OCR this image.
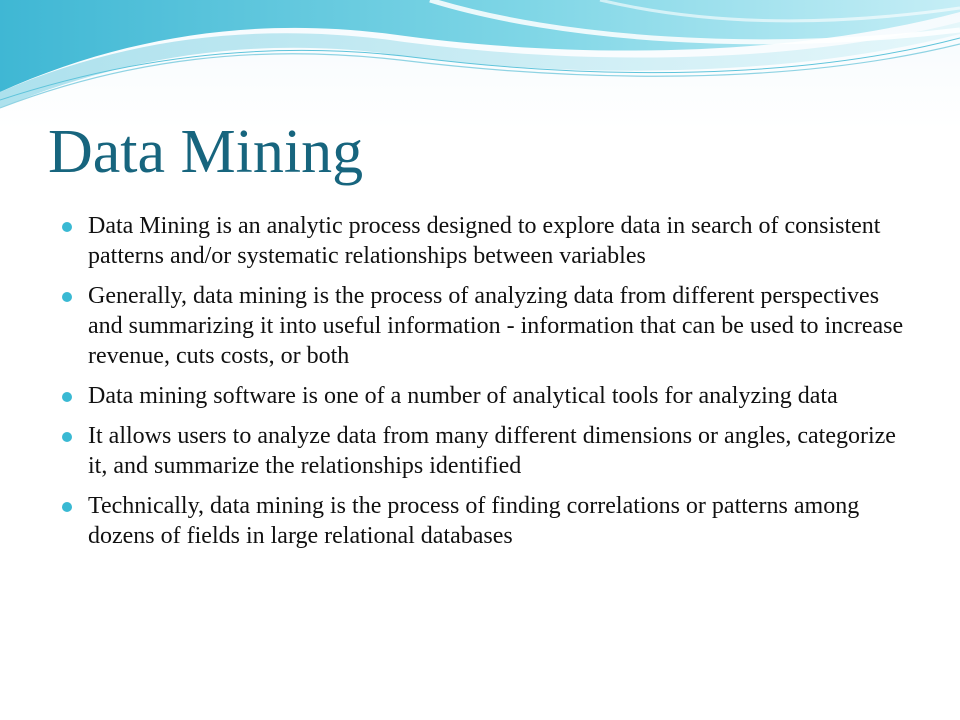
Data Mining
Data Mining is an analytic process designed to explore data in search of consistent patterns and/or systematic relationships between variables
Generally, data mining is the process of analyzing data from different perspectives and summarizing it into useful information - information that can be used to increase revenue, cuts costs, or both
Data mining software is one of a number of analytical tools for analyzing data
It allows users to analyze data from many different dimensions or angles, categorize it, and summarize the relationships identified
Technically, data mining is the process of finding correlations or patterns among dozens of fields in large relational databases
